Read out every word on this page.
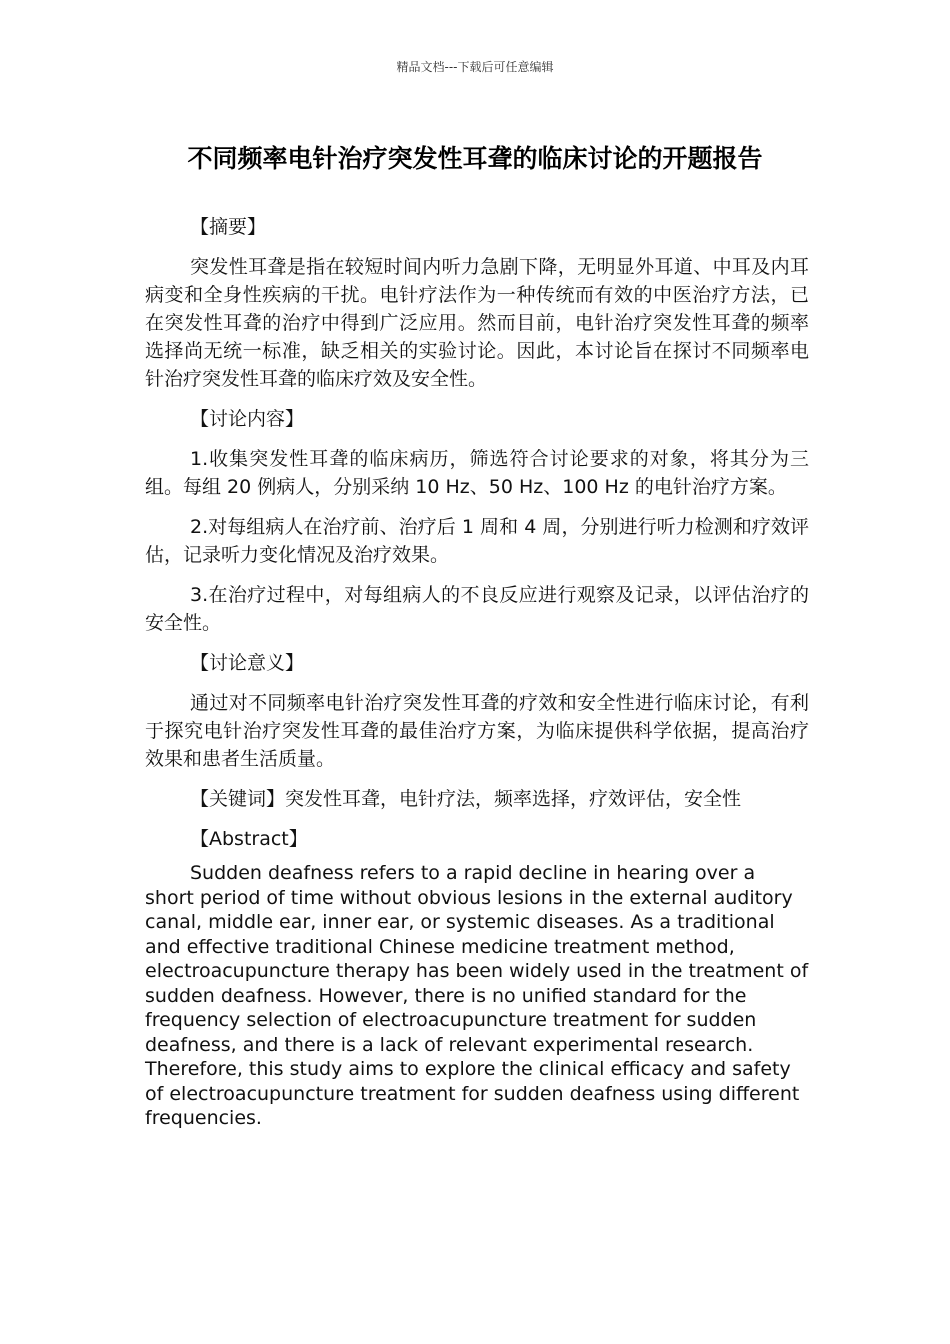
精品文档---下载后可任意编辑
不同频率电针治疗突发性耳聋的临床讨论的开题报告

【摘要】

突发性耳聋是指在较短时间内听力急剧下降，无明显外耳道、中耳及内耳病变和全身性疾病的干扰。电针疗法作为一种传统而有效的中医治疗方法，已在突发性耳聋的治疗中得到广泛应用。然而目前，电针治疗突发性耳聋的频率选择尚无统一标准，缺乏相关的实验讨论。因此，本讨论旨在探讨不同频率电针治疗突发性耳聋的临床疗效及安全性。

【讨论内容】

1.收集突发性耳聋的临床病历，筛选符合讨论要求的对象，将其分为三组。每组 20 例病人，分别采纳 10 Hz、50 Hz、100 Hz 的电针治疗方案。

2.对每组病人在治疗前、治疗后 1 周和 4 周，分别进行听力检测和疗效评估，记录听力变化情况及治疗效果。

3.在治疗过程中，对每组病人的不良反应进行观察及记录，以评估治疗的安全性。

【讨论意义】

通过对不同频率电针治疗突发性耳聋的疗效和安全性进行临床讨论，有利于探究电针治疗突发性耳聋的最佳治疗方案，为临床提供科学依据，提高治疗效果和患者生活质量。

【关键词】突发性耳聋，电针疗法，频率选择，疗效评估，安全性

【Abstract】

Sudden deafness refers to a rapid decline in hearing over a short period of time without obvious lesions in the external auditory canal, middle ear, inner ear, or systemic diseases. As a traditional and effective traditional Chinese medicine treatment method, electroacupuncture therapy has been widely used in the treatment of sudden deafness. However, there is no unified standard for the frequency selection of electroacupuncture treatment for sudden deafness, and there is a lack of relevant experimental research. Therefore, this study aims to explore the clinical efficacy and safety of electroacupuncture treatment for sudden deafness using different frequencies.
